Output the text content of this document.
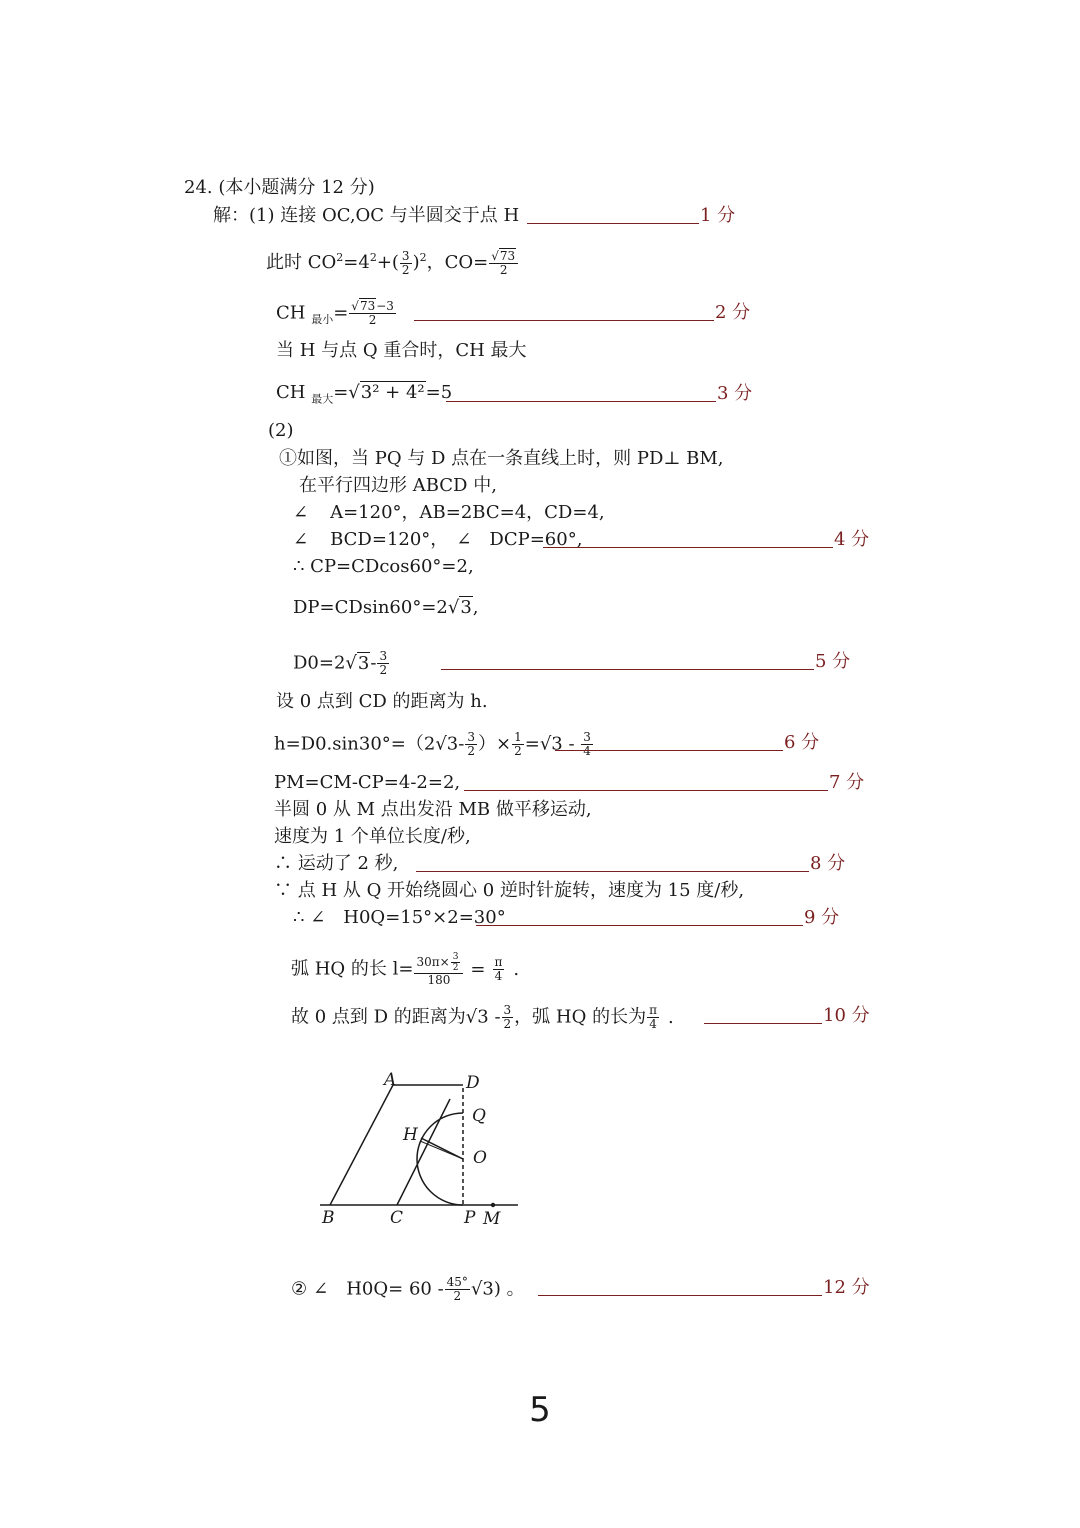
24. (本小题满分 12 分)
解：(1) 连接 OC,OC 与半圆交于点 H	1 分
此时 $CO^2=4^2+( \frac{3}{2} )^2$，$CO= \frac{√73}{2}$
CH $_{最小}= \frac{√73-3}{2}$	2 分
当 H 与点 Q 重合时，CH 最大
CH $_{最大}$=√3² + 4²=5	3 分
(2)
①如图，当 PQ 与 D 点在一条直线上时，则 PD⊥ BM,
在平行四边形 ABCD 中,
∠ A=120°，AB=2BC=4，CD=4,
∠ BCD=120°， ∠ DCP=60°,	4 分
∴ CP=CDcos60°=2,
DP=CDsin60°=2√3,
$D0=2√3- \frac{3}{2}$	5 分
设 0 点到 CD 的距离为 h.
$h=D0.\sin 30^\circ=(2√3- \frac{3}{2}$ ）× $\frac{1}{2} =√3 - \frac{3}{4}$	6 分
PM=CM-CP=4-2=2,	7 分
半圆 0 从 M 点出发沿 MB 做平移运动,
速度为 1 个单位长度/秒,
∴ 运动了 2 秒,	8 分
∵ 点 H 从 Q 开始绕圆心 0 逆时针旋转，速度为 15 度/秒,
∴ ∠ H0Q=15°×2=30°	9 分
弧 HQ 的长 $l= \frac{30\pi\times \frac{3}{2}}{180} = \frac{\pi}{4}$ .
故 0 点到 D 的距离为$√3 - \frac{3}{2}$ ，弧 HQ 的长为 $\frac{\pi}{4}$ .	10 分
A	D
Q
H
O
B	C	P M
② ∠ $H0Q= 60 - \frac{45^\circ}{2} √3$) 。	12 分
5
